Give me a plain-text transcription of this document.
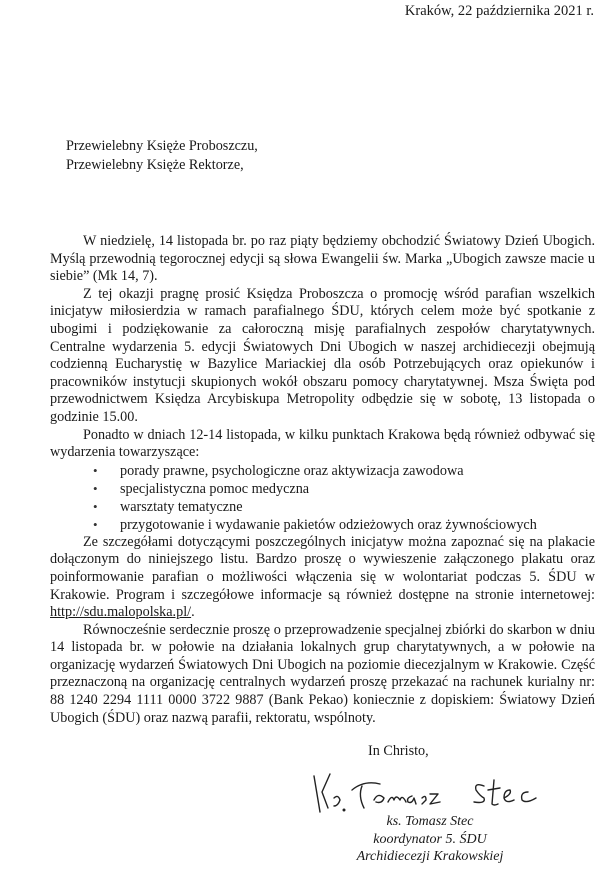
Kraków, 22 października 2021 r.
Przewielebny Księże Proboszczu,
Przewielebny Księże Rektorze,

W niedzielę, 14 listopada br. po raz piąty będziemy obchodzić Światowy Dzień Ubogich. Myślą przewodnią tegorocznej edycji są słowa Ewangelii św. Marka „Ubogich zawsze macie u siebie” (Mk 14, 7).

Z tej okazji pragnę prosić Księdza Proboszcza o promocję wśród parafian wszelkich inicjatyw miłosierdzia w ramach parafialnego ŚDU, których celem może być spotkanie z ubogimi i podziękowanie za całoroczną misję parafialnych zespołów charytatywnych. Centralne wydarzenia 5. edycji Światowych Dni Ubogich w naszej archidiecezji obejmują codzienną Eucharystię w Bazylice Mariackiej dla osób Potrzebujących oraz opiekunów i pracowników instytucji skupionych wokół obszaru pomocy charytatywnej. Msza Święta pod przewodnictwem Księdza Arcybiskupa Metropolity odbędzie się w sobotę, 13 listopada o godzinie 15.00.

Ponadto w dniach 12-14 listopada, w kilku punktach Krakowa będą również odbywać się wydarzenia towarzyszące:

• porady prawne, psychologiczne oraz aktywizacja zawodowa
• specjalistyczna pomoc medyczna
• warsztaty tematyczne
• przygotowanie i wydawanie pakietów odzieżowych oraz żywnościowych

Ze szczegółami dotyczącymi poszczególnych inicjatyw można zapoznać się na plakacie dołączonym do niniejszego listu. Bardzo proszę o wywieszenie załączonego plakatu oraz poinformowanie parafian o możliwości włączenia się w wolontariat podczas 5. ŚDU w Krakowie. Program i szczegółowe informacje są również dostępne na stronie internetowej: http://sdu.malopolska.pl/.

Równocześnie serdecznie proszę o przeprowadzenie specjalnej zbiórki do skarbon w dniu 14 listopada br. w połowie na działania lokalnych grup charytatywnych, a w połowie na organizację wydarzeń Światowych Dni Ubogich na poziomie diecezjalnym w Krakowie. Część przeznaczoną na organizację centralnych wydarzeń proszę przekazać na rachunek kurialny nr: 88 1240 2294 1111 0000 3722 9887 (Bank Pekao) koniecznie z dopiskiem: Światowy Dzień Ubogich (ŚDU) oraz nazwą parafii, rektoratu, wspólnoty.

In Christo,
ks. Tomasz Stec
koordynator 5. ŚDU
Archidiecezji Krakowskiej
